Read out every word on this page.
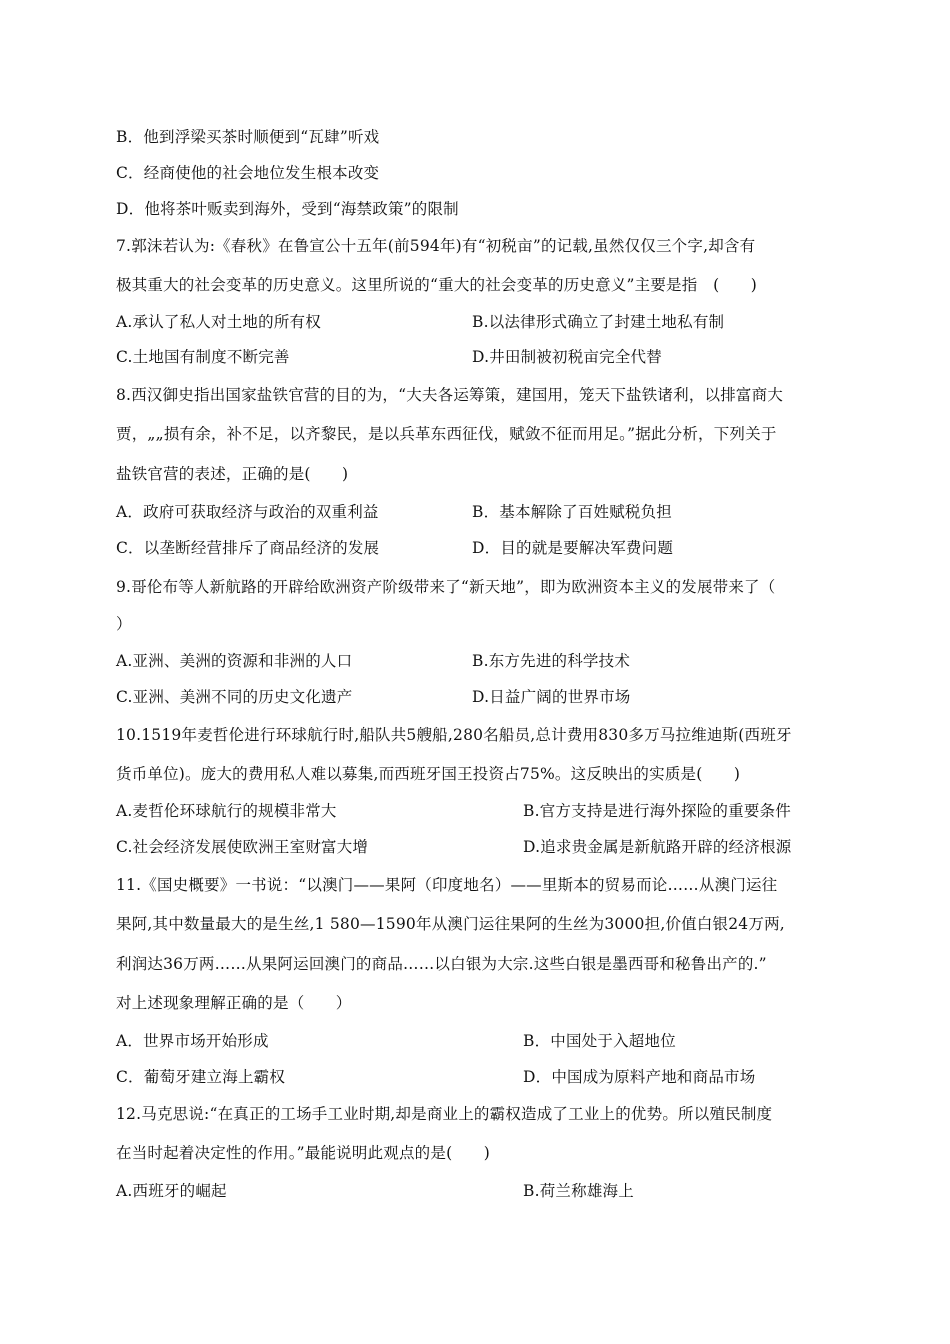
B．他到浮梁买茶时顺便到“瓦肆”听戏
C．经商使他的社会地位发生根本改变
D．他将茶叶贩卖到海外，受到“海禁政策”的限制
7.郭沫若认为:《春秋》在鲁宣公十五年(前594年)有“初税亩”的记载,虽然仅仅三个字,却含有
极其重大的社会变革的历史意义。这里所说的“重大的社会变革的历史意义”主要是指　(　　)
A.承认了私人对土地的所有权	B.以法律形式确立了封建土地私有制
C.土地国有制度不断完善	D.井田制被初税亩完全代替
8.西汉御史指出国家盐铁官营的目的为，“大夫各运筹策，建国用，笼天下盐铁诸利，以排富商大
贾，„„损有余，补不足，以齐黎民，是以兵革东西征伐，赋敛不征而用足。”据此分析，下列关于
盐铁官营的表述，正确的是(　　)
A．政府可获取经济与政治的双重利益	B．基本解除了百姓赋税负担
C．以垄断经营排斥了商品经济的发展	D．目的就是要解决军费问题
9.哥伦布等人新航路的开辟给欧洲资产阶级带来了“新天地”，即为欧洲资本主义的发展带来了（
）
A.亚洲、美洲的资源和非洲的人口	B.东方先进的科学技术
C.亚洲、美洲不同的历史文化遗产	D.日益广阔的世界市场
10.1519年麦哲伦进行环球航行时,船队共5艘船,280名船员,总计费用830多万马拉维迪斯(西班牙
货币单位)。庞大的费用私人难以募集,而西班牙国王投资占75%。这反映出的实质是(　　)
A.麦哲伦环球航行的规模非常大	B.官方支持是进行海外探险的重要条件
C.社会经济发展使欧洲王室财富大增	D.追求贵金属是新航路开辟的经济根源
11.《国史概要》一书说：“以澳门——果阿（印度地名）——里斯本的贸易而论……从澳门运往
果阿,其中数量最大的是生丝,1 580—1590年从澳门运往果阿的生丝为3000担,价值白银24万两,
利润达36万两……从果阿运回澳门的商品……以白银为大宗.这些白银是墨西哥和秘鲁出产的.”
对上述现象理解正确的是（　　）
A．世界市场开始形成	B．中国处于入超地位
C．葡萄牙建立海上霸权	D．中国成为原料产地和商品市场
12.马克思说:“在真正的工场手工业时期,却是商业上的霸权造成了工业上的优势。所以殖民制度
在当时起着决定性的作用。”最能说明此观点的是(　　)
A.西班牙的崛起	B.荷兰称雄海上
